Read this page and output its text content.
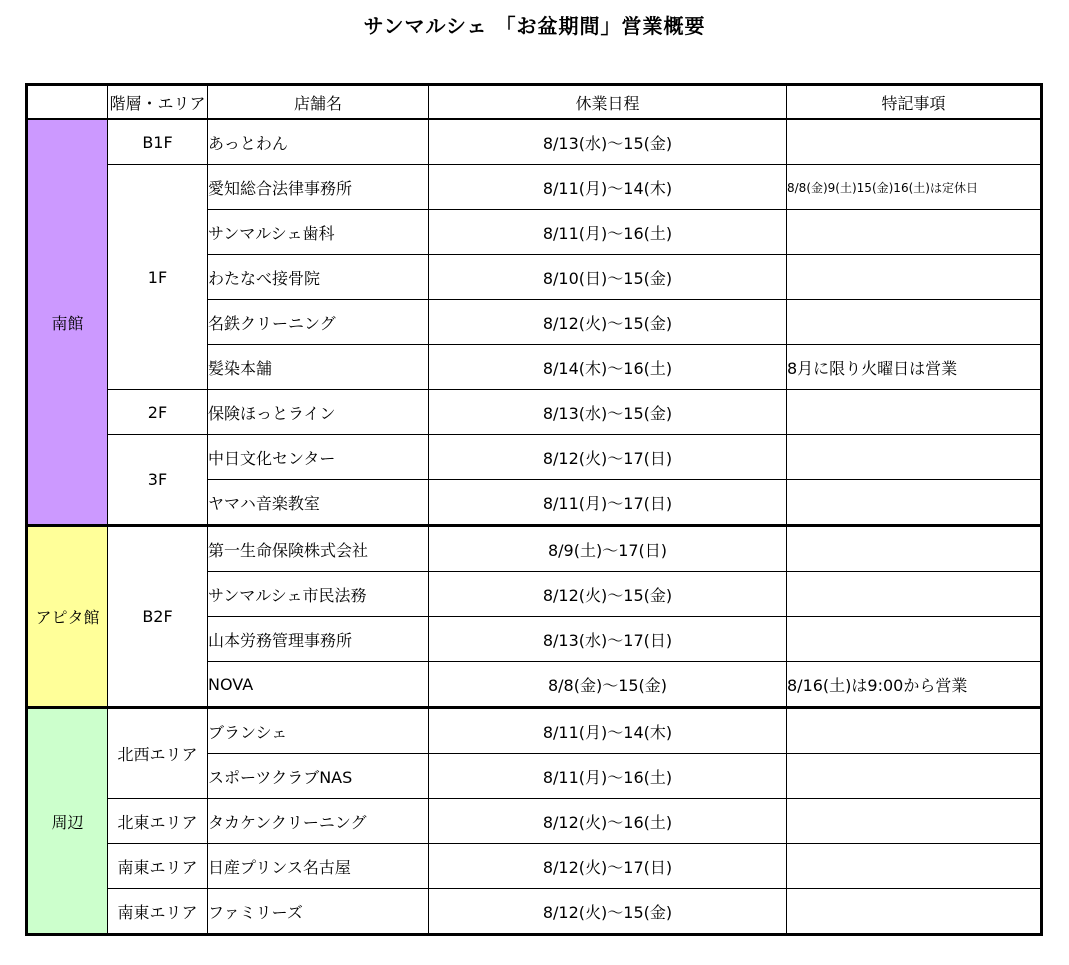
サンマルシェ 「お盆期間」営業概要
	階層・エリア	店舗名	休業日程	特記事項
南館	B1F	あっとわん	8/13(水)～15(金)	
	1F	愛知総合法律事務所	8/11(月)～14(木)	8/8(金)9(土)15(金)16(土)は定休日
		サンマルシェ歯科	8/11(月)～16(土)	
		わたなべ接骨院	8/10(日)～15(金)	
		名鉄クリーニング	8/12(火)～15(金)	
		髪染本舗	8/14(木)～16(土)	8月に限り火曜日は営業
	2F	保険ほっとライン	8/13(水)～15(金)	
	3F	中日文化センター	8/12(火)～17(日)	
		ヤマハ音楽教室	8/11(月)～17(日)	
アピタ館	B2F	第一生命保険株式会社	8/9(土)～17(日)	
		サンマルシェ市民法務	8/12(火)～15(金)	
		山本労務管理事務所	8/13(水)～17(日)	
		NOVA	8/8(金)～15(金)	8/16(土)は9:00から営業
周辺	北西エリア	ブランシェ	8/11(月)～14(木)	
		スポーツクラブNAS	8/11(月)～16(土)	
	北東エリア	タカケンクリーニング	8/12(火)～16(土)	
	南東エリア	日産プリンス名古屋	8/12(火)～17(日)	
	南東エリア	ファミリーズ	8/12(火)～15(金)	
